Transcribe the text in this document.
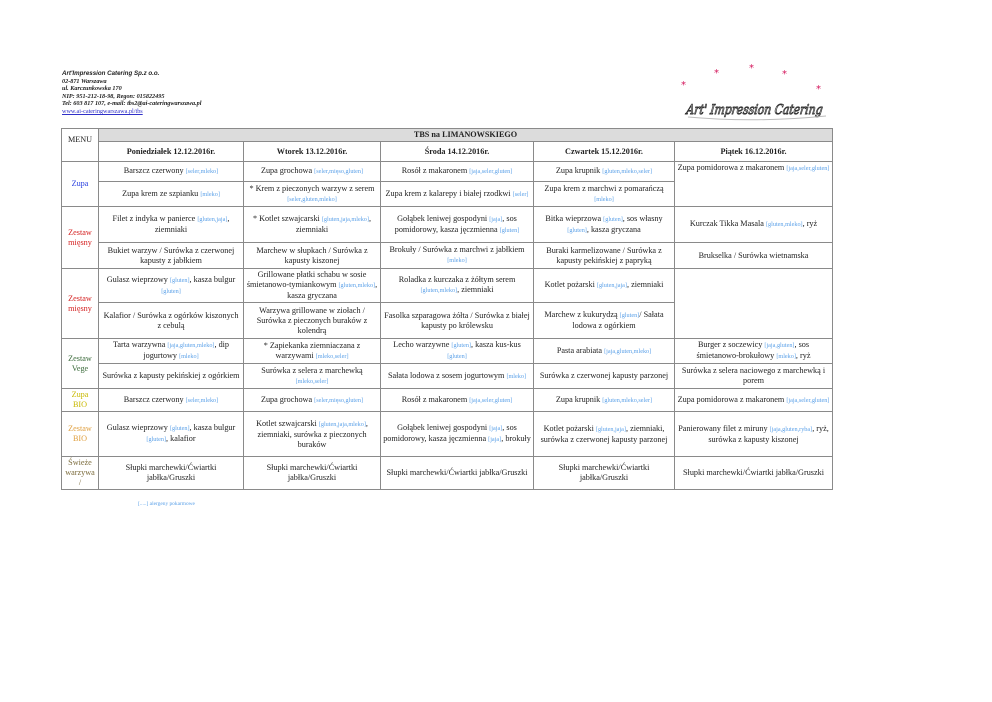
Art'Impression Catering Sp.z o.o.
02-871 Warszawa
ul. Karczunkowska 170
NIP: 951-212-18-98, Regon: 015822495
Tel: 603 817 107, e-mail: tbs2@ai-cateringwarszawa.pl
www.ai-cateringwarszawa.pl/tbs
*
*	*
*
*
Art' Impression Catering
MENU	TBS na LIMANOWSKIEGO				
	Poniedziałek 12.12.2016r.	Wtorek 13.12.2016r.	Środa 14.12.2016r.	Czwartek 15.12.2016r.	Piątek 16.12.2016r.
Zupa	Barszcz czerwony [seler,mleko]	Zupa grochowa [seler,mięso,gluten]	Rosół z makaronem [jaja,seler,gluten]	Zupa krupnik [gluten,mleko,seler]	Zupa pomidorowa z makaronem [jaja,seler,gluten]
	Zupa krem ze szpianku [mleko]	* Krem z pieczonych warzyw z serem [seler,gluten,mleko]	Zupa krem z kalarepy i białej rzodkwi [seler]	Zupa krem z marchwi z pomarańczą [mleko]	
Zestaw mięsny	Filet z indyka w panierce [gluten,jaja], ziemniaki	* Kotlet szwajcarski [gluten,jaja,mleko], ziemniaki	Gołąbek leniwej gospodyni [jaja], sos pomidorowy, kasza jęczmienna [gluten]	Bitka wieprzowa [gluten], sos własny [gluten], kasza gryczana	Kurczak Tikka Masala [gluten,mleko], ryż
	Bukiet warzyw / Surówka z czerwonej kapusty z jabłkiem	Marchew w słupkach / Surówka z kapusty kiszonej	Brokuły / Surówka z marchwi z jabłkiem [mleko]	Buraki karmelizowane / Surówka z kapusty pekińskiej z papryką	Brukselka / Surówka wietnamska
Zestaw mięsny	Gulasz wieprzowy [gluten], kasza bulgur [gluten]	Grillowane płatki schabu w sosie śmietanowo-tymiankowym [gluten,mleko], kasza gryczana	Roladka z kurczaka z żółtym serem [gluten,mleko], ziemniaki	Kotlet pożarski [gluten,jaja], ziemniaki	
	Kalafior / Surówka z ogórków kiszonych z cebulą	Warzywa grillowane w ziołach / Surówka z pieczonych buraków z kolendrą	Fasolka szparagowa żółta / Surówka z białej kapusty po królewsku	Marchew z kukurydzą [gluten]/ Sałata lodowa z ogórkiem	
Zestaw Vege	Tarta warzywna [jaja,gluten,mleko], dip jogurtowy [mleko]	* Zapiekanka ziemniaczana z warzywami [mleko,seler]	Lecho warzywne [gluten], kasza kus-kus [gluten]	Pasta arabiata [jaja,gluten,mleko]	Burger z soczewicy [jaja,gluten], sos śmietanowo-brokułowy [mleko], ryż
	Surówka z kapusty pekińskiej z ogórkiem	Surówka z selera z marchewką [mleko,seler]	Sałata lodowa z sosem jogurtowym [mleko]	Surówka z czerwonej kapusty parzonej	Surówka z selera naciowego z marchewką i porem
Zupa BIO	Barszcz czerwony [seler,mleko]	Zupa grochowa [seler,mięso,gluten]	Rosół z makaronem [jaja,seler,gluten]	Zupa krupnik [gluten,mleko,seler]	Zupa pomidorowa z makaronem [jaja,seler,gluten]
Zestaw BIO	Gulasz wieprzowy [gluten], kasza bulgur [gluten], kalafior	Kotlet szwajcarski [gluten,jaja,mleko], ziemniaki, surówka z pieczonych buraków	Gołąbek leniwej gospodyni [jaja], sos pomidorowy, kasza jęczmienna [jaja], brokuły	Kotlet pożarski [gluten,jaja], ziemniaki, surówka z czerwonej kapusty parzonej	Panierowany filet z miruny [jaja,gluten,ryba], ryż, surówka z kapusty kiszonej
Świeże warzywa /	Słupki marchewki/Ćwiartki jabłka/Gruszki	Słupki marchewki/Ćwiartki jabłka/Gruszki	Słupki marchewki/Ćwiartki jabłka/Gruszki	Słupki marchewki/Ćwiartki jabłka/Gruszki	Słupki marchewki/Ćwiartki jabłka/Gruszki
[.....] alergeny pokarmowe
